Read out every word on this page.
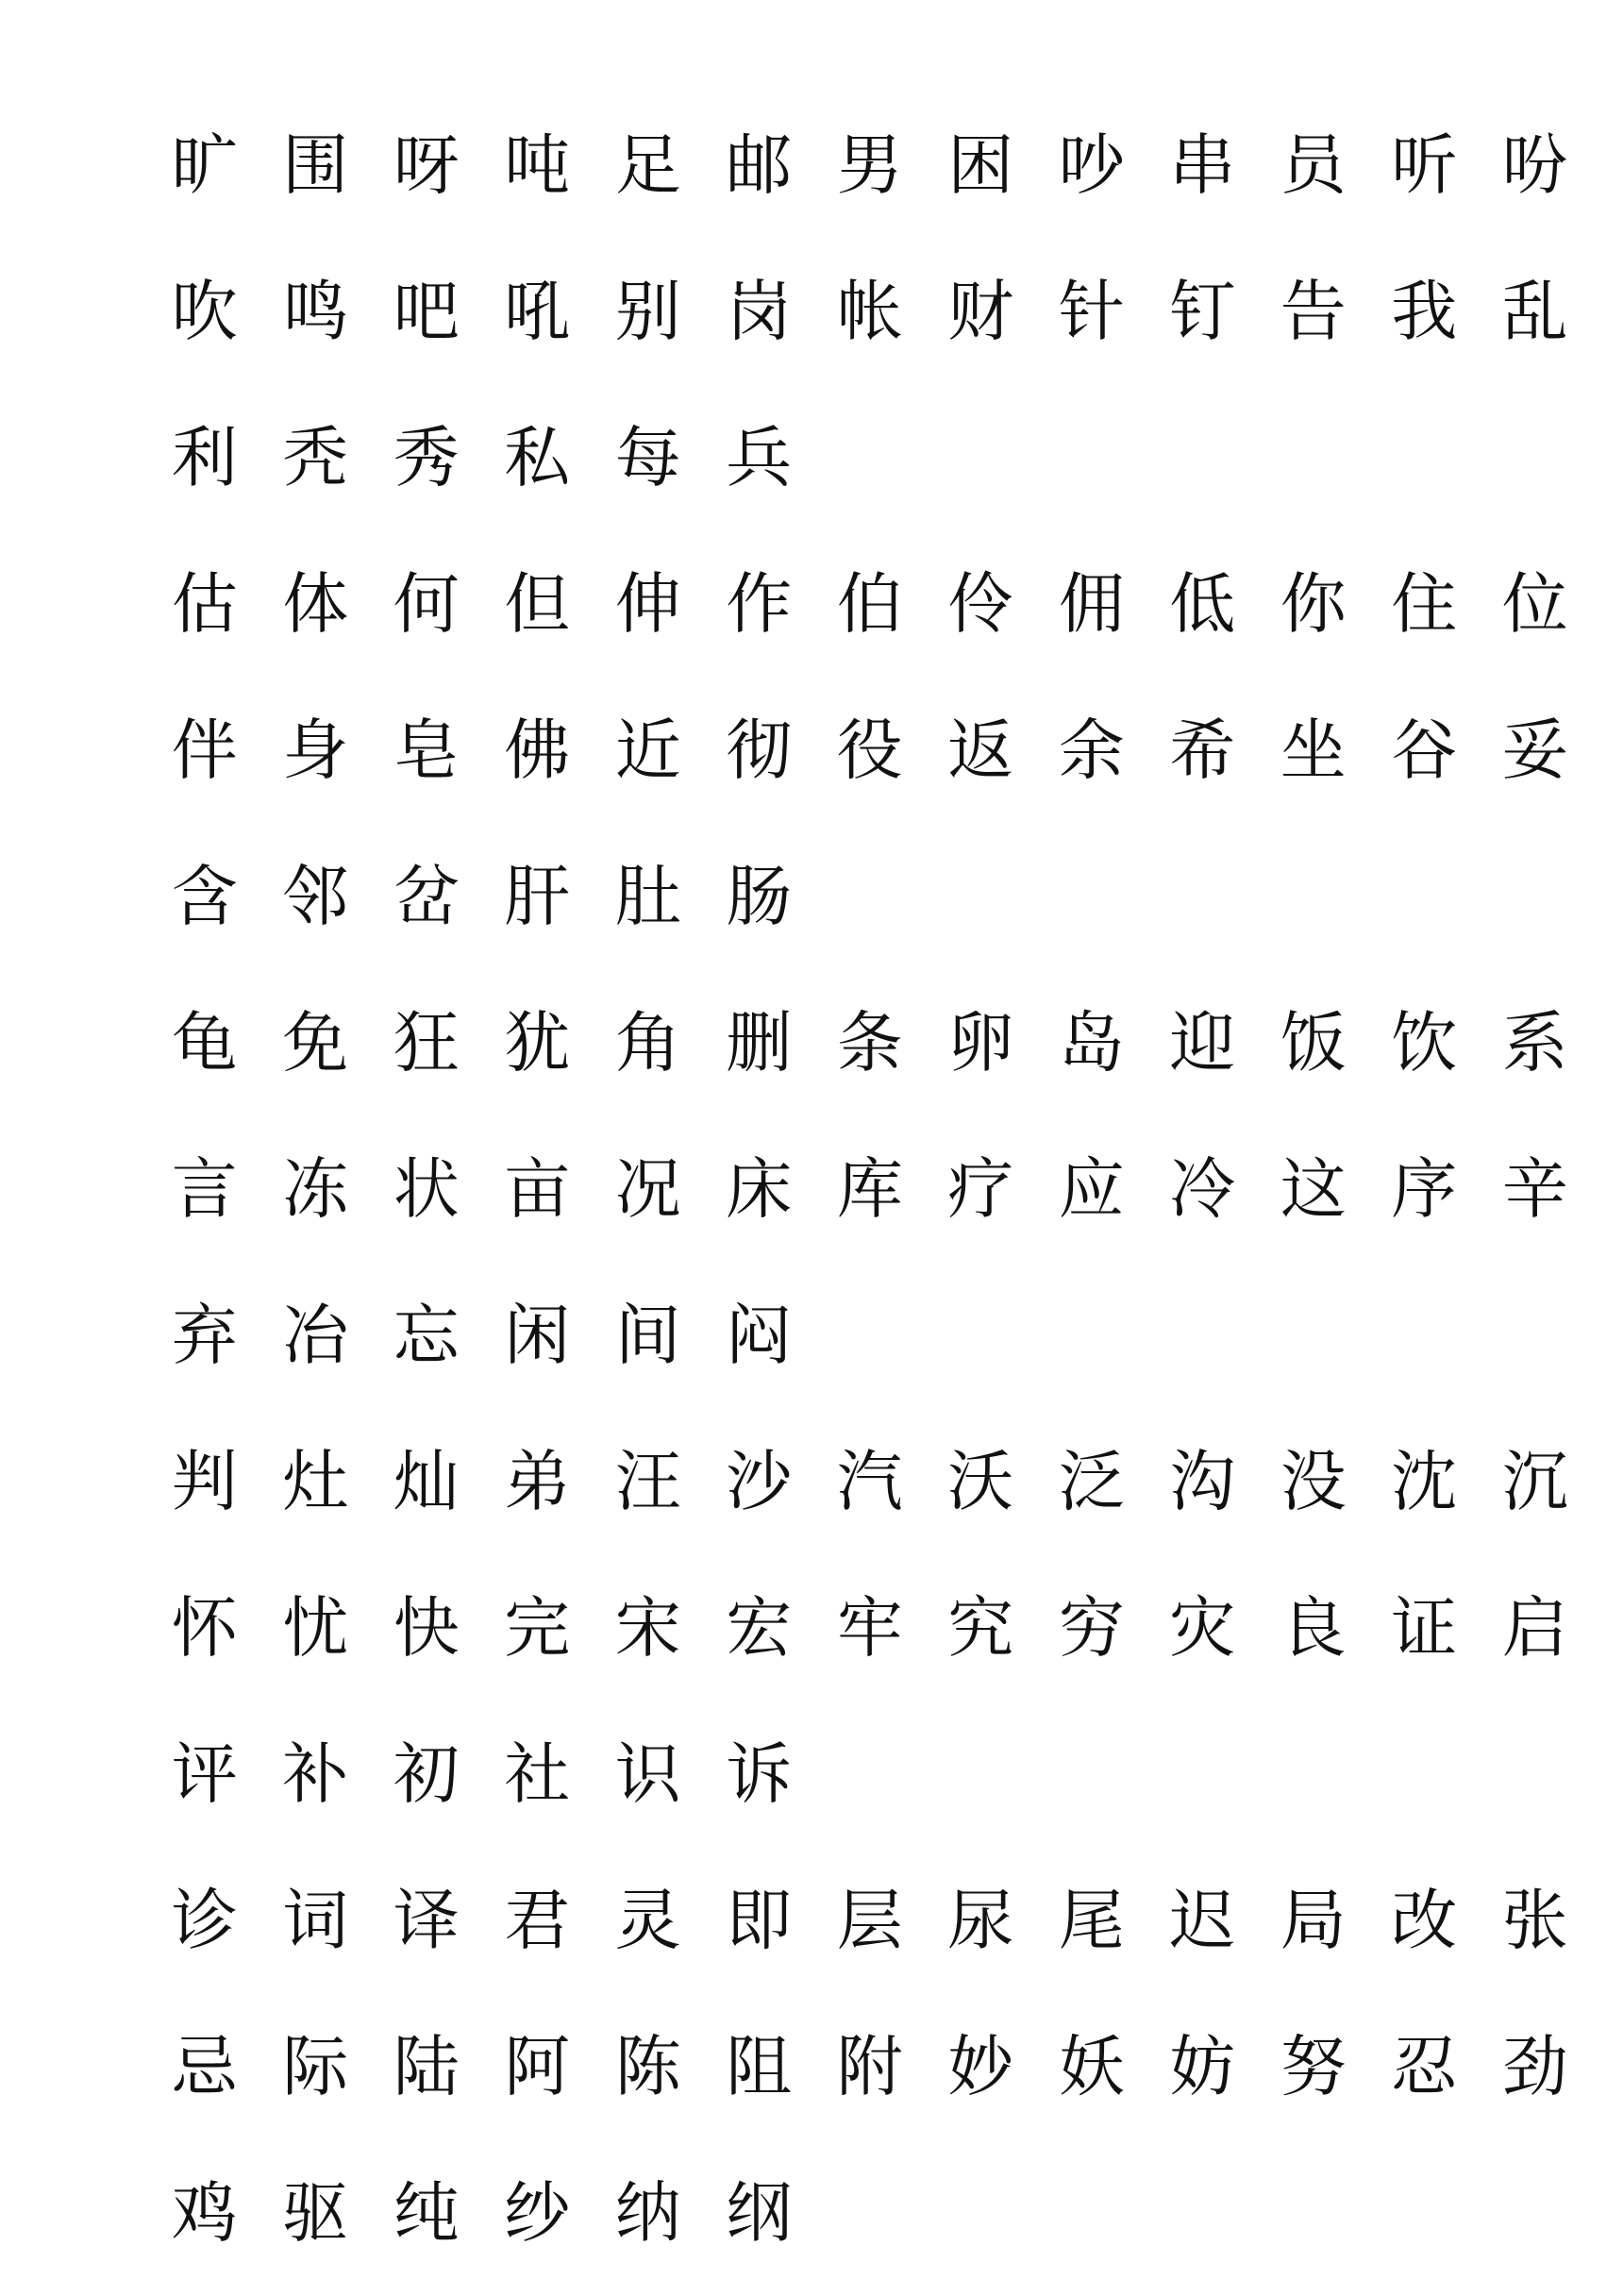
旷 围 呀 吨 足 邮 男 困 吵 串 员 听 吩
吹 鸣 吧 吼 别 岗 帐 财 针 钉 告 我 乱
利 秃 秀 私 每 兵
估 体 何 但 伸 作 伯 伶 佣 低 你 住 位
伴 身 皂 佛 近 彻 役 返 余 希 坐 谷 妥
含 邻 岔 肝 肚 肠
龟 免 狂 犹 角 删 条 卵 岛 迎 饭 饮 系
言 冻 状 亩 况 床 库 疗 应 冷 这 序 辛
弃 冶 忘 闲 间 闷
判 灶 灿 弟 汪 沙 汽 沃 泛 沟 没 沈 沉
怀 忧 快 完 宋 宏 牢 究 穷 灾 良 证 启
评 补 初 社 识 诉
诊 词 译 君 灵 即 层 尿 尾 迟 局 改 张
忌 际 陆 阿 陈 阻 附 妙 妖 妨 努 忍 劲
鸡 驱 纯 纱 纳 纲
